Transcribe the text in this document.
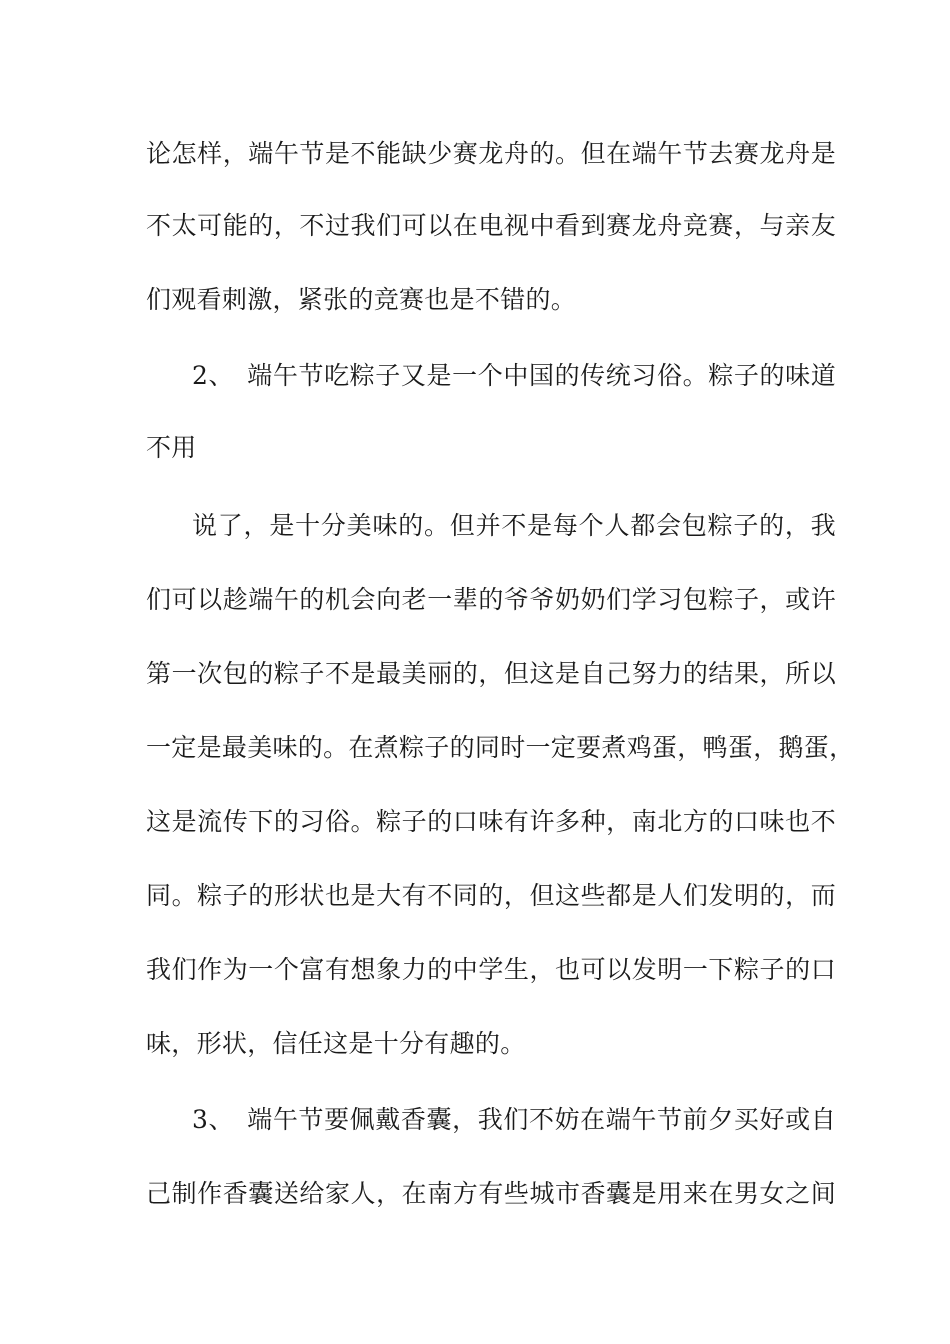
论怎样，端午节是不能缺少赛龙舟的。但在端午节去赛龙舟是
不太可能的，不过我们可以在电视中看到赛龙舟竞赛，与亲友
们观看刺激，紧张的竞赛也是不错的。
2、　端午节吃粽子又是一个中国的传统习俗。粽子的味道
不用
说了，是十分美味的。但并不是每个人都会包粽子的，我
们可以趁端午的机会向老一辈的爷爷奶奶们学习包粽子，或许
第一次包的粽子不是最美丽的，但这是自己努力的结果，所以
一定是最美味的。在煮粽子的同时一定要煮鸡蛋，鸭蛋，鹅蛋，
这是流传下的习俗。粽子的口味有许多种，南北方的口味也不
同。粽子的形状也是大有不同的，但这些都是人们发明的，而
我们作为一个富有想象力的中学生，也可以发明一下粽子的口
味，形状，信任这是十分有趣的。
3、　端午节要佩戴香囊，我们不妨在端午节前夕买好或自
己制作香囊送给家人，在南方有些城市香囊是用来在男女之间
